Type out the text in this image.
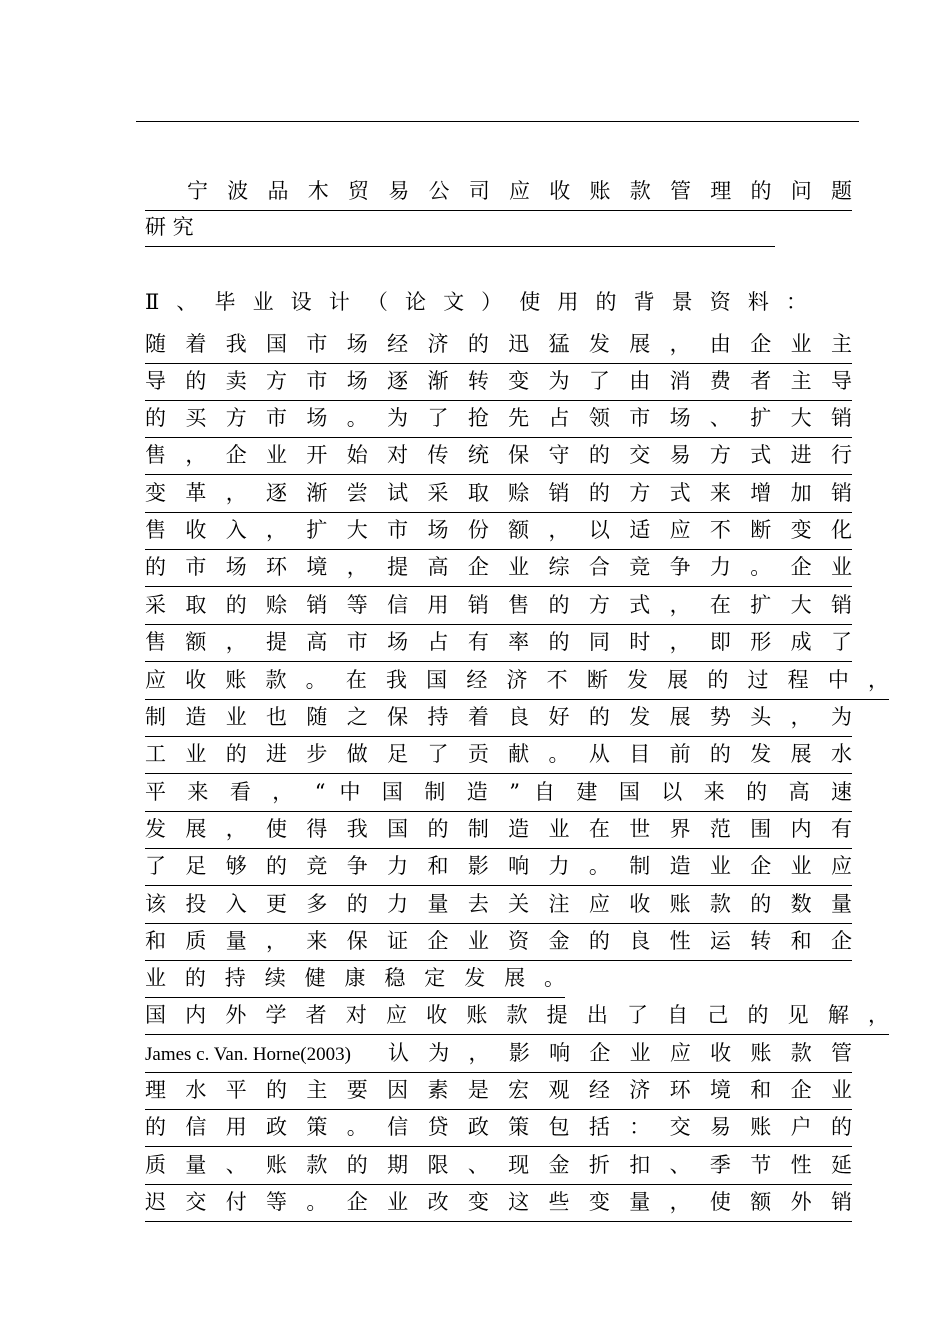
宁 波 品 木 贸 易 公 司 应 收 账 款 管 理 的 问 题
研 究
Ⅱ 、 毕 业 设 计 （ 论 文 ） 使 用 的 背 景 资 料 ：
随 着 我 国 市 场 经 济 的 迅 猛 发 展 ， 由 企 业 主
导 的 卖 方 市 场 逐 渐 转 变 为 了 由 消 费 者 主 导
的 买 方 市 场 。 为 了 抢 先 占 领 市 场 、 扩 大 销
售 ， 企 业 开 始 对 传 统 保 守 的 交 易 方 式 进 行
变 革 ， 逐 渐 尝 试 采 取 赊 销 的 方 式 来 增 加 销
售 收 入 ， 扩 大 市 场 份 额 ， 以 适 应 不 断 变 化
的 市 场 环 境 ， 提 高 企 业 综 合 竞 争 力 。 企 业
采 取 的 赊 销 等 信 用 销 售 的 方 式 ， 在 扩 大 销
售 额 ， 提 高 市 场 占 有 率 的 同 时 ， 即 形 成 了
应 收 账 款 。 在 我 国 经 济 不 断 发 展 的 过 程 中 ，
制 造 业 也 随 之 保 持 着 良 好 的 发 展 势 头 ， 为
工 业 的 进 步 做 足 了 贡 献 。 从 目 前 的 发 展 水
平 来 看 ， “ 中 国 制 造 ” 自 建 国 以 来 的 高 速
发 展 ， 使 得 我 国 的 制 造 业 在 世 界 范 围 内 有
了 足 够 的 竞 争 力 和 影 响 力 。 制 造 业 企 业 应
该 投 入 更 多 的 力 量 去 关 注 应 收 账 款 的 数 量
和 质 量 ， 来 保 证 企 业 资 金 的 良 性 运 转 和 企
业 的 持 续 健 康 稳 定 发 展 。
国 内 外 学 者 对 应 收 账 款 提 出 了 自 己 的 见 解 ，
James c. Van. Horne(2003) 认 为 ， 影 响 企 业 应 收 账 款 管
理 水 平 的 主 要 因 素 是 宏 观 经 济 环 境 和 企 业
的 信 用 政 策 。 信 贷 政 策 包 括 ： 交 易 账 户 的
质 量 、 账 款 的 期 限 、 现 金 折 扣 、 季 节 性 延
迟 交 付 等 。 企 业 改 变 这 些 变 量 ， 使 额 外 销
